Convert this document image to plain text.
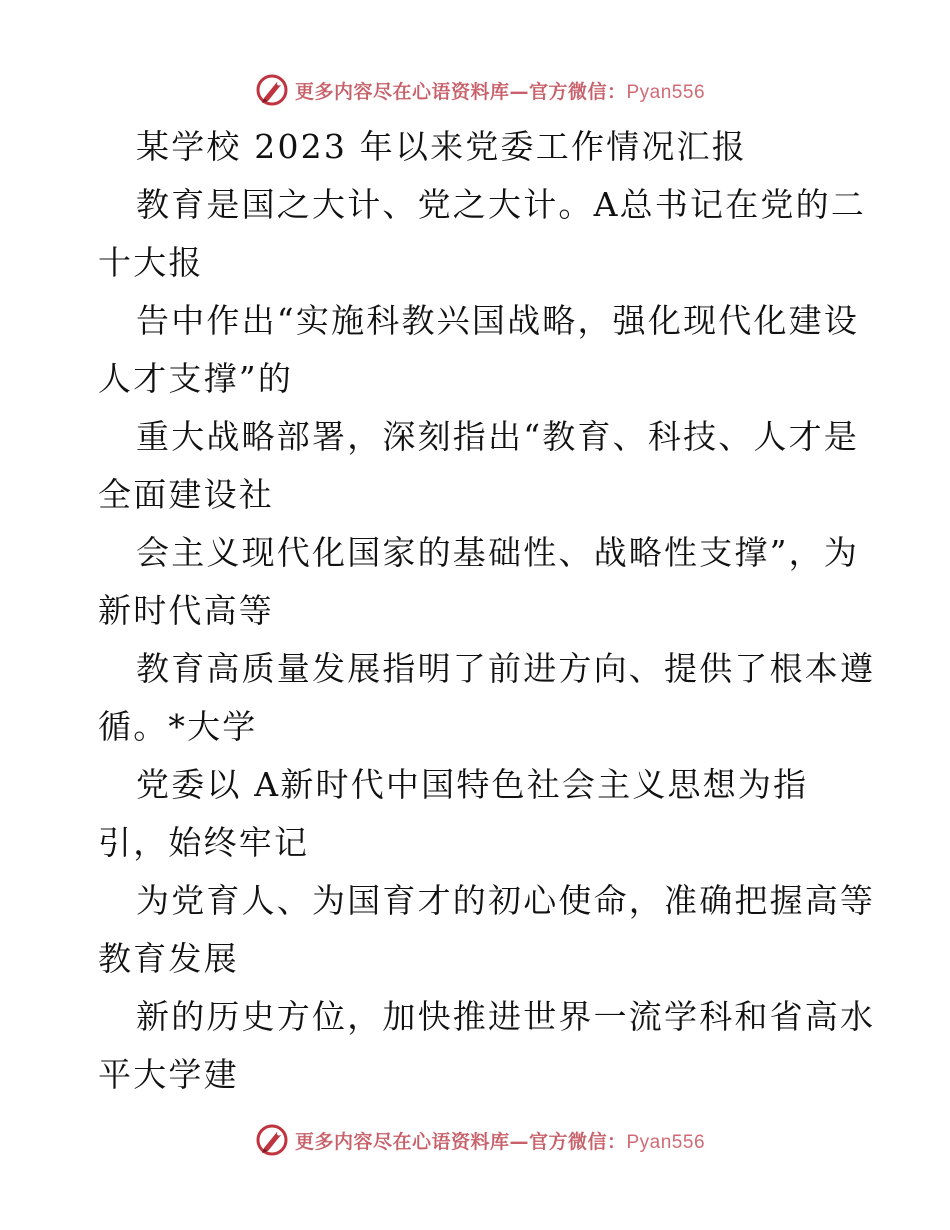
更多内容尽在心语资料库—官方微信：Pyan556
某学校 2023 年以来党委工作情况汇报
教育是国之大计、党之大计。A总书记在党的二
十大报
告中作出“实施科教兴国战略，强化现代化建设
人才支撑”的
重大战略部署，深刻指出“教育、科技、人才是
全面建设社
会主义现代化国家的基础性、战略性支撑”，为
新时代高等
教育高质量发展指明了前进方向、提供了根本遵
循。*大学
党委以 A新时代中国特色社会主义思想为指
引，始终牢记
为党育人、为国育才的初心使命，准确把握高等
教育发展
新的历史方位，加快推进世界一流学科和省高水
平大学建
更多内容尽在心语资料库—官方微信：Pyan556
